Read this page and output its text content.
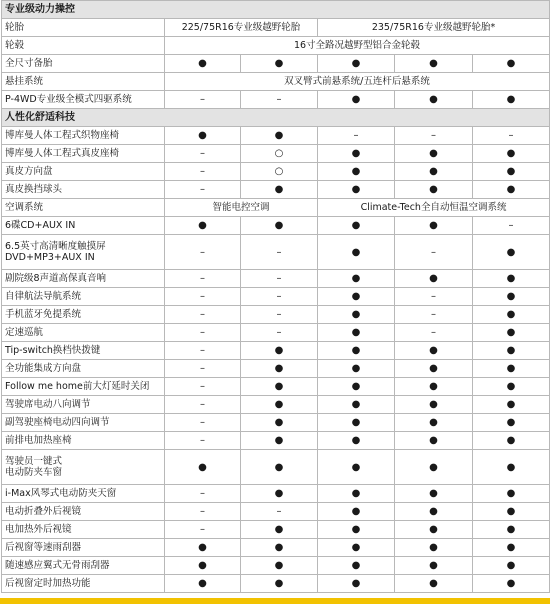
专业级动力操控					
轮胎	225/75R16专业级越野轮胎		235/75R16专业级越野轮胎*		
轮毂	16寸全路况越野型铝合金轮毂				
全尺寸备胎	●	●	●	●	●
悬挂系统	双叉臂式前悬系统/五连杆后悬系统				
P-4WD专业级全模式四驱系统	–	–	●	●	●
人性化舒适科技					
博库曼人体工程式织物座椅	●	●	–	–	–
博库曼人体工程式真皮座椅	–	○	●	●	●
真皮方向盘	–	○	●	●	●
真皮换挡球头	–	●	●	●	●
空调系统	智能电控空调		Climate-Tech全自动恒温空调系统		
6碟CD+AUX IN	●	●	●	●	–
6.5英寸高清晰度触摸屏
DVD+MP3+AUX IN	–	–	●	–	●
剧院级8声道高保真音响	–	–	●	●	●
自律航法导航系统	–	–	●	–	●
手机蓝牙免提系统	–	–	●	–	●
定速巡航	–	–	●	–	●
Tip-switch换档快拨键	–	●	●	●	●
全功能集成方向盘	–	●	●	●	●
Follow me home前大灯延时关闭	–	●	●	●	●
驾驶席电动八向调节	–	●	●	●	●
副驾驶座椅电动四向调节	–	●	●	●	●
前排电加热座椅	–	●	●	●	●
驾驶员一键式
电动防夹车窗	●	●	●	●	●
i-Max风琴式电动防夹天窗	–	●	●	●	●
电动折叠外后视镜	–	–	●	●	●
电加热外后视镜	–	●	●	●	●
后视窗等速雨刮器	●	●	●	●	●
随速感应翼式无骨雨刮器	●	●	●	●	●
后视窗定时加热功能	●	●	●	●	●
